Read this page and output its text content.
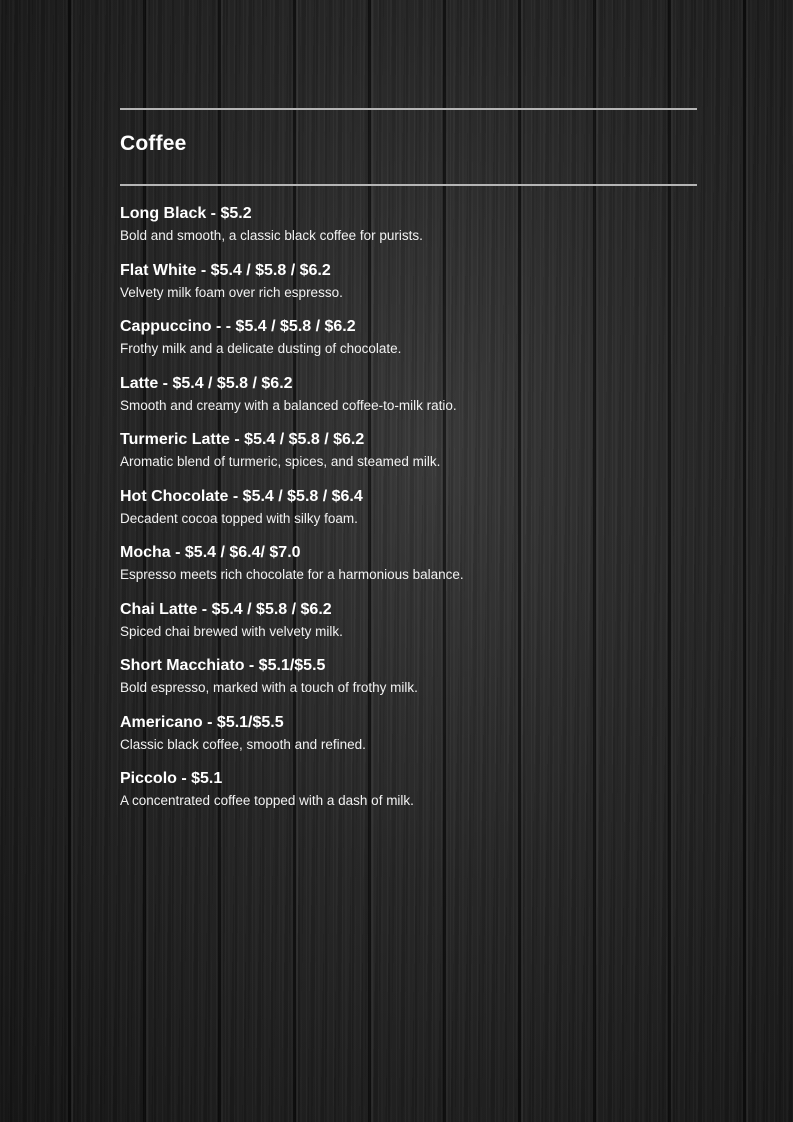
Coffee
Long Black - $5.2
Bold and smooth, a classic black coffee for purists.
Flat White - $5.4 / $5.8 / $6.2
Velvety milk foam over rich espresso.
Cappuccino - - $5.4 / $5.8 / $6.2
Frothy milk and a delicate dusting of chocolate.
Latte - $5.4 / $5.8 / $6.2
Smooth and creamy with a balanced coffee-to-milk ratio.
Turmeric Latte - $5.4 / $5.8 / $6.2
Aromatic blend of turmeric, spices, and steamed milk.
Hot Chocolate - $5.4 / $5.8 / $6.4
Decadent cocoa topped with silky foam.
Mocha - $5.4 / $6.4/ $7.0
Espresso meets rich chocolate for a harmonious balance.
Chai Latte - $5.4 / $5.8 / $6.2
Spiced chai brewed with velvety milk.
Short Macchiato - $5.1/$5.5
Bold espresso, marked with a touch of frothy milk.
Americano - $5.1/$5.5
Classic black coffee, smooth and refined.
Piccolo - $5.1
A concentrated coffee topped with a dash of milk.
